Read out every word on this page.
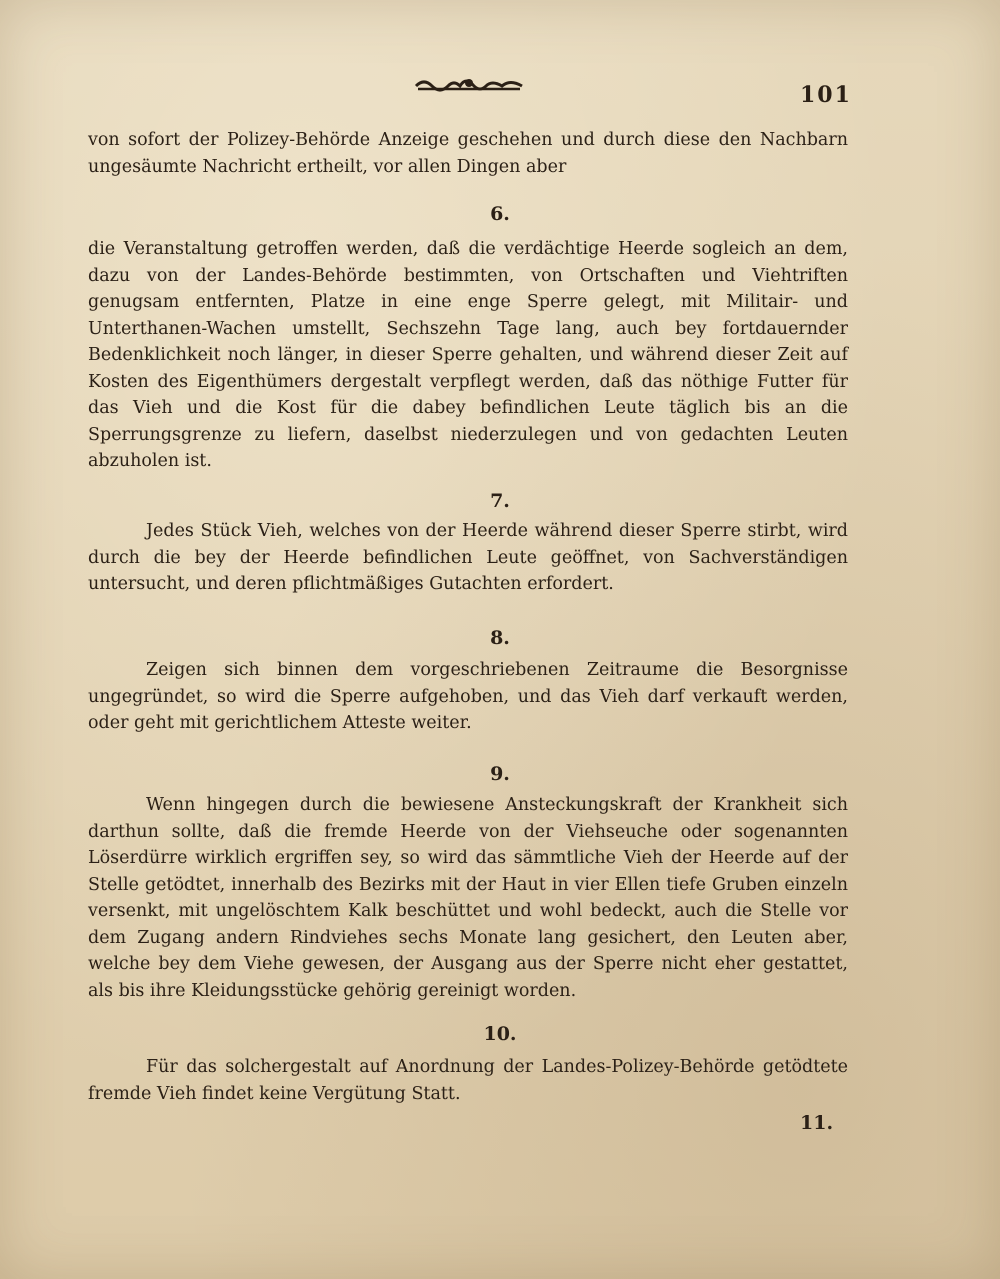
101

von sofort der Polizey-Behörde Anzeige geschehen und durch diese den Nachbarn ungesäumte Nachricht ertheilt, vor allen Dingen aber

6.

die Veranstaltung getroffen werden, daß die verdächtige Heerde sogleich an dem, dazu von der Landes-Behörde bestimmten, von Ortschaften und Viehtriften genugsam entfernten, Platze in eine enge Sperre gelegt, mit Militair- und Unterthanen-Wachen umstellt, Sechszehn Tage lang, auch bey fortdauernder Bedenklichkeit noch länger, in dieser Sperre gehalten, und während dieser Zeit auf Kosten des Eigenthümers dergestalt verpflegt werden, daß das nöthige Futter für das Vieh und die Kost für die dabey befindlichen Leute täglich bis an die Sperrungsgrenze zu liefern, daselbst niederzulegen und von gedachten Leuten abzuholen ist.

7.

Jedes Stück Vieh, welches von der Heerde während dieser Sperre stirbt, wird durch die bey der Heerde befindlichen Leute geöffnet, von Sachverständigen untersucht, und deren pflichtmäßiges Gutachten erfordert.

8.

Zeigen sich binnen dem vorgeschriebenen Zeitraume die Besorgnisse ungegründet, so wird die Sperre aufgehoben, und das Vieh darf verkauft werden, oder geht mit gerichtlichem Atteste weiter.

9.

Wenn hingegen durch die bewiesene Ansteckungskraft der Krankheit sich darthun sollte, daß die fremde Heerde von der Viehseuche oder sogenannten Löserdürre wirklich ergriffen sey, so wird das sämmtliche Vieh der Heerde auf der Stelle getödtet, innerhalb des Bezirks mit der Haut in vier Ellen tiefe Gruben einzeln versenkt, mit ungelöschtem Kalk beschüttet und wohl bedeckt, auch die Stelle vor dem Zugang andern Rindviehes sechs Monate lang gesichert, den Leuten aber, welche bey dem Viehe gewesen, der Ausgang aus der Sperre nicht eher gestattet, als bis ihre Kleidungsstücke gehörig gereinigt worden.

10.

Für das solchergestalt auf Anordnung der Landes-Polizey-Behörde getödtete fremde Vieh findet keine Vergütung Statt.

11.
